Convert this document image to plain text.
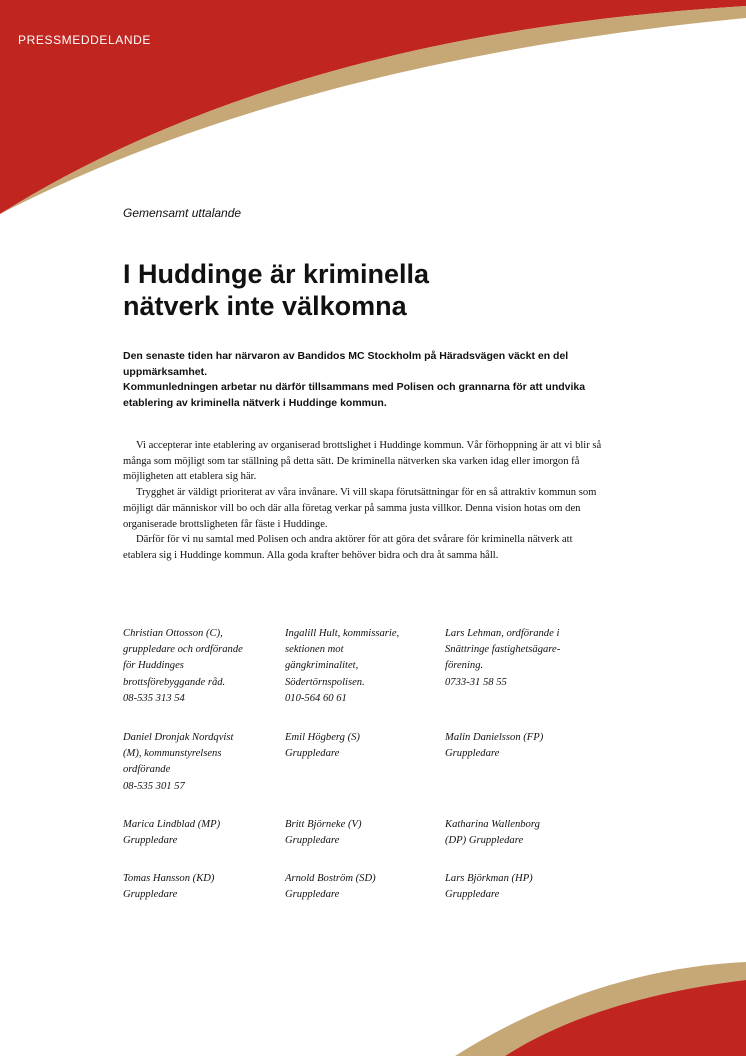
PRESSMEDDELANDE
Gemensamt uttalande
I Huddinge är kriminella
nätverk inte välkomna

Den senaste tiden har närvaron av Bandidos MC Stockholm på Häradsvägen väckt en del uppmärksamhet.

Kommunledningen arbetar nu därför tillsammans med Polisen och grannarna för att undvika etablering av kriminella nätverk i Huddinge kommun.

Vi accepterar inte etablering av organiserad brottslighet i Huddinge kommun. Vår förhoppning är att vi blir så många som möjligt som tar ställning på detta sätt. De kriminella nätverken ska varken idag eller imorgon få möjligheten att etablera sig här.

Trygghet är väldigt prioriterat av våra invånare. Vi vill skapa förutsättningar för en så attraktiv kommun som möjligt där människor vill bo och där alla företag verkar på samma justa villkor. Denna vision hotas om den organiserade brottsligheten får fäste i Huddinge.

Därför för vi nu samtal med Polisen och andra aktörer för att göra det svårare för kriminella nätverk att etablera sig i Huddinge kommun. Alla goda krafter behöver bidra och dra åt samma håll.

Christian Ottosson (C),
gruppledare och ordförande
för Huddinges
brottsförebyggande råd.
08-535 313 54
Ingalill Hult, kommissarie,
sektionen mot
gängkriminalitet,
Södertörnspolisen.
010-564 60 61
Lars Lehman, ordförande i
Snättringe fastighetsägare-
förening.
0733-31 58 55
Daniel Dronjak Nordqvist
(M), kommunstyrelsens
ordförande
08-535 301 57
Emil Högberg (S)
Gruppledare
Malin Danielsson (FP)
Gruppledare
Marica Lindblad (MP)
Gruppledare
Britt Björneke (V)
Gruppledare
Katharina Wallenborg
(DP) Gruppledare
Tomas Hansson (KD)
Gruppledare
Arnold Boström (SD)
Gruppledare
Lars Björkman (HP)
Gruppledare
